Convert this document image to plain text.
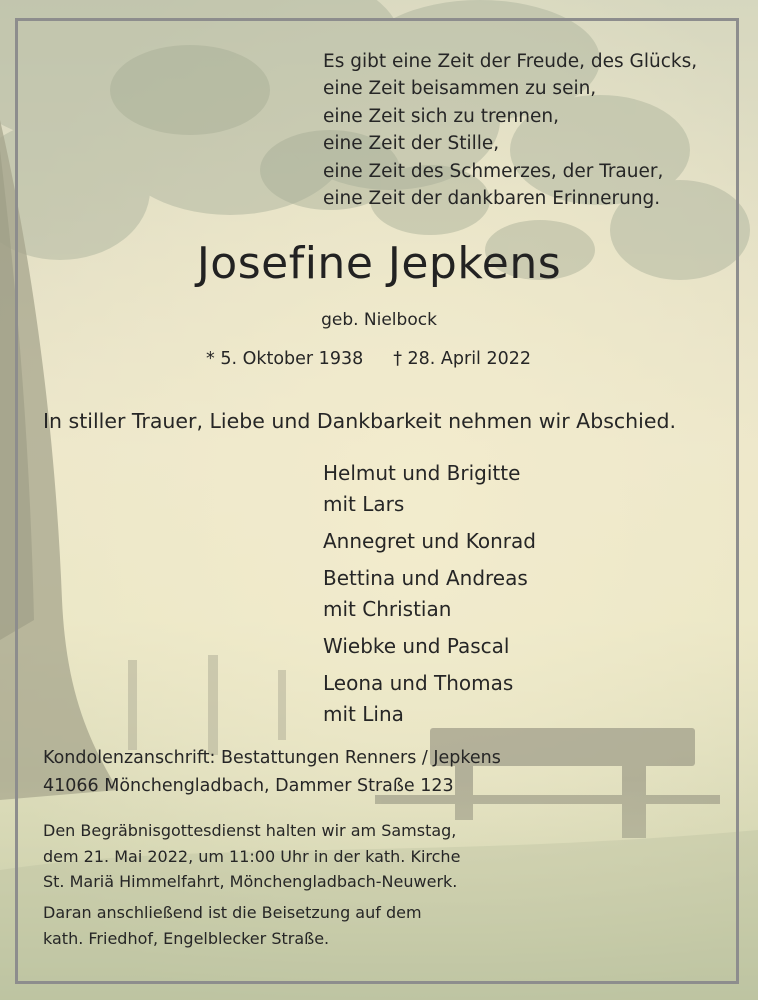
Es gibt eine Zeit der Freude, des Glücks,
eine Zeit beisammen zu sein,
eine Zeit sich zu trennen,
eine Zeit der Stille,
eine Zeit des Schmerzes, der Trauer,
eine Zeit der dankbaren Erinnerung.
Josefine Jepkens
geb. Nielbock
* 5. Oktober 1938 † 28. April 2022
In stiller Trauer, Liebe und Dankbarkeit nehmen wir Abschied.
Helmut und Brigitte
mit Lars
Annegret und Konrad
Bettina und Andreas
mit Christian
Wiebke und Pascal
Leona und Thomas
mit Lina
Kondolenzanschrift: Bestattungen Renners / Jepkens
41066 Mönchengladbach, Dammer Straße 123
Den Begräbnisgottesdienst halten wir am Samstag,
dem 21. Mai 2022, um 11:00 Uhr in der kath. Kirche
St. Mariä Himmelfahrt, Mönchengladbach-Neuwerk.
Daran anschließend ist die Beisetzung auf dem
kath. Friedhof, Engelblecker Straße.
